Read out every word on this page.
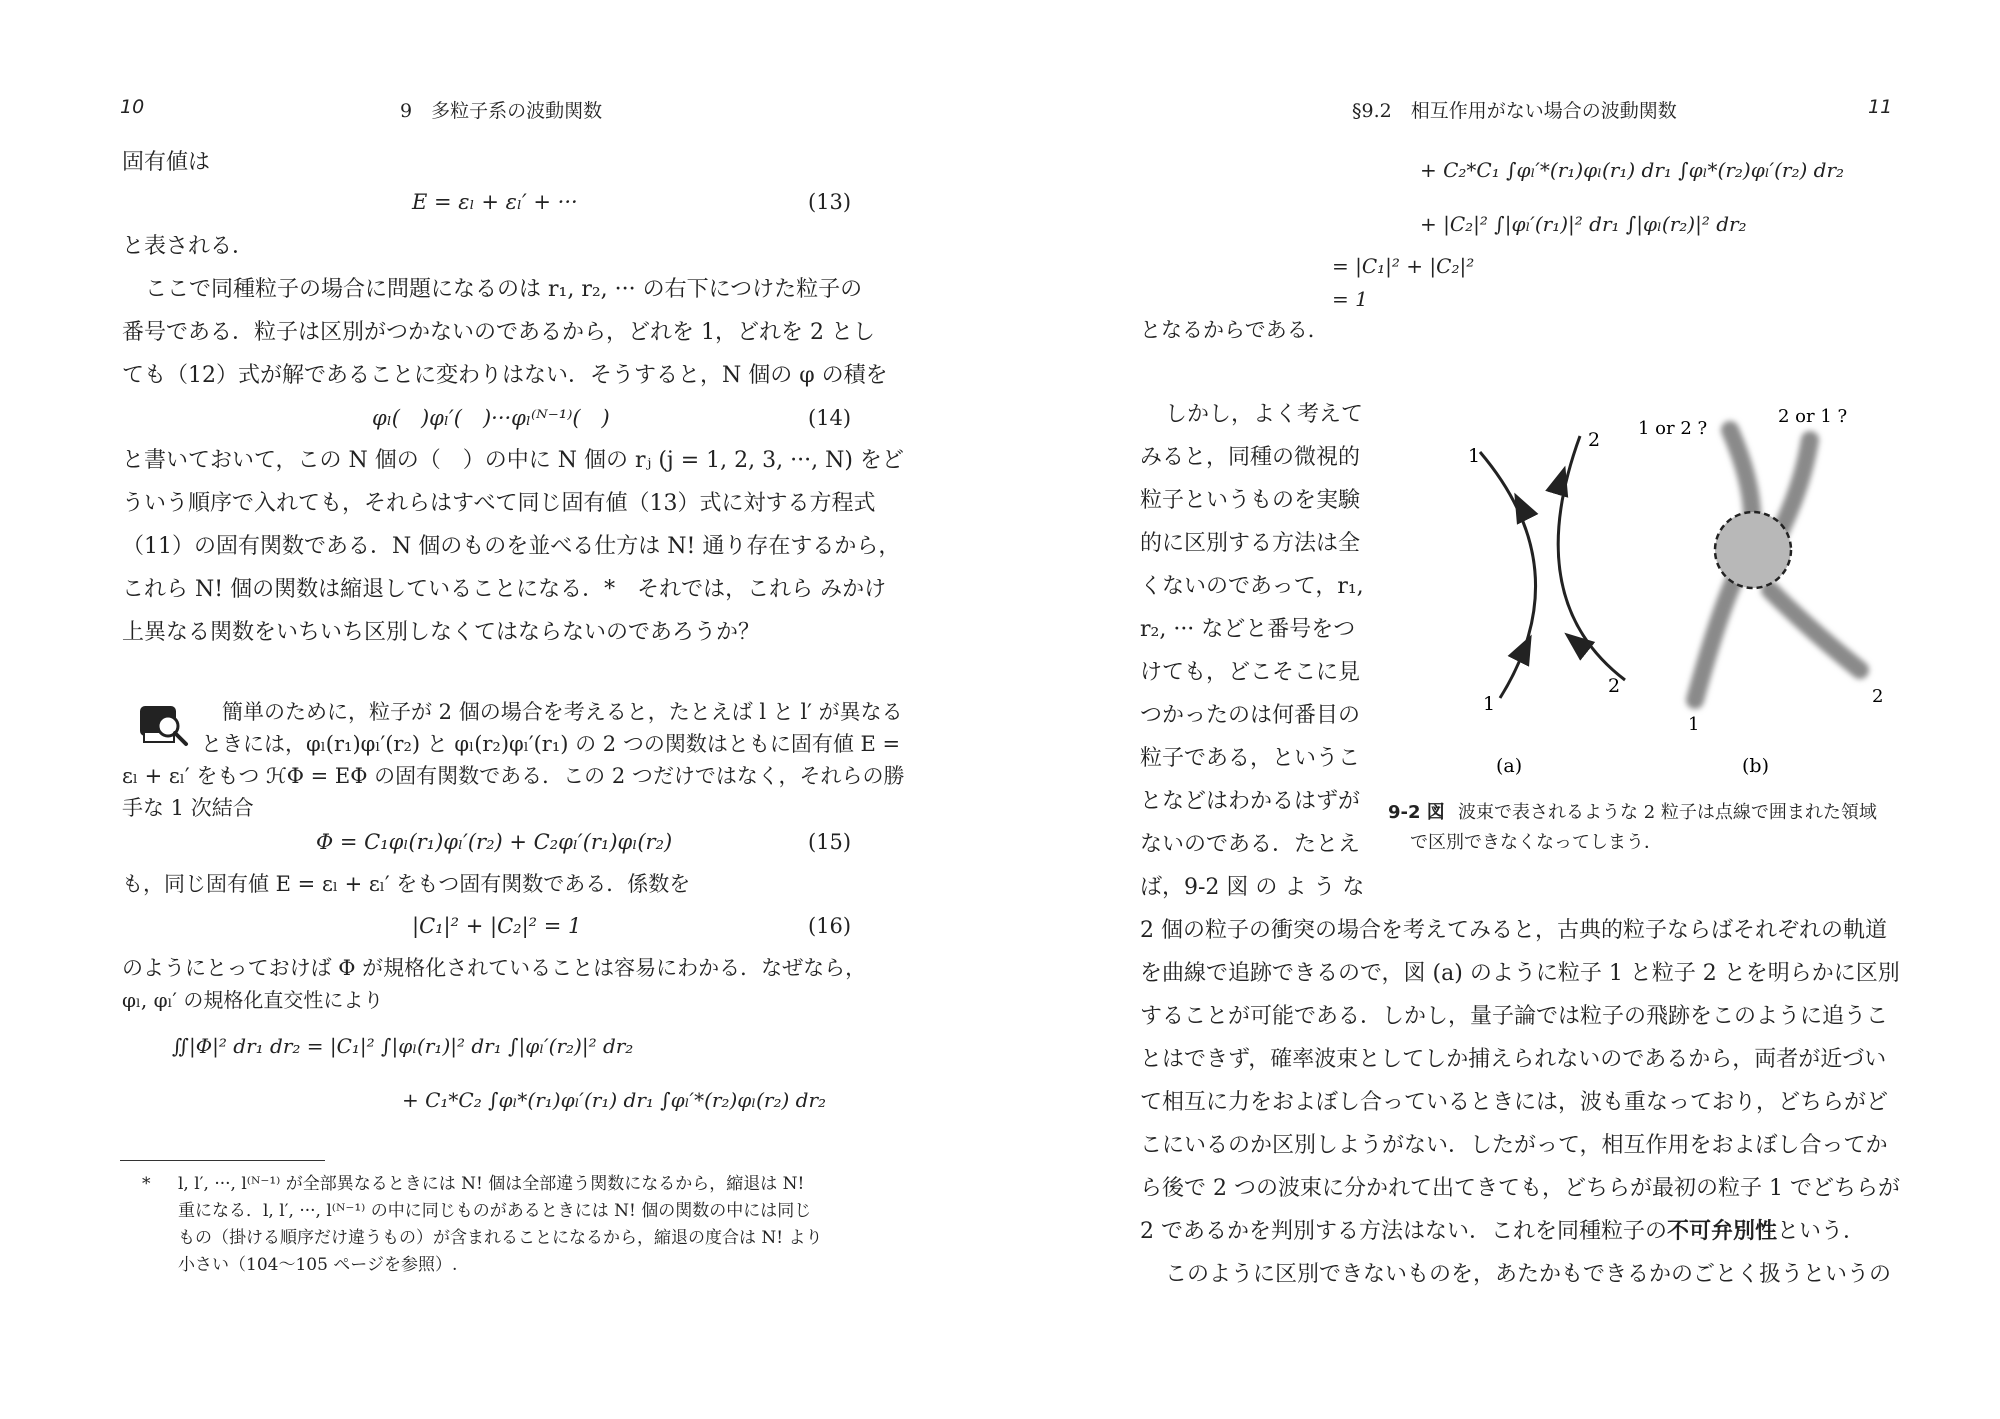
10	9　多粒子系の波動関数
固有値は
E = εₗ + εₗ′ + ···	(13)
と表される．
ここで同種粒子の場合に問題になるのは r₁, r₂, ··· の右下につけた粒子の
番号である．粒子は区別がつかないのであるから，どれを 1，どれを 2 とし
ても（12）式が解であることに変わりはない．そうすると，N 個の φ の積を
φₗ(　)φₗ′(　)···φₗ⁽ᴺ⁻¹⁾(　)	(14)
と書いておいて，この N 個の（　）の中に N 個の rⱼ (j = 1, 2, 3, ···, N) をど
ういう順序で入れても，それらはすべて同じ固有値（13）式に対する方程式
（11）の固有関数である．N 個のものを並べる仕方は N! 通り存在するから，
これら N! 個の関数は縮退していることになる．*　それでは，これら みかけ
上異なる関数をいちいち区別しなくてはならないのであろうか？
簡単のために，粒子が 2 個の場合を考えると，たとえば l と l′ が異なる
ときには，φₗ(r₁)φₗ′(r₂) と φₗ(r₂)φₗ′(r₁) の 2 つの関数はともに固有値 E =
εₗ + εₗ′ をもつ ℋΦ = EΦ の固有関数である．この 2 つだけではなく，それらの勝
手な 1 次結合
Φ = C₁φₗ(r₁)φₗ′(r₂) + C₂φₗ′(r₁)φₗ(r₂)	(15)
も，同じ固有値 E = εₗ + εₗ′ をもつ固有関数である．係数を
|C₁|² + |C₂|² = 1	(16)
のようにとっておけば Φ が規格化されていることは容易にわかる．なぜなら，
φₗ, φₗ′ の規格化直交性により
∬|Φ|² dr₁ dr₂ = |C₁|² ∫|φₗ(r₁)|² dr₁ ∫|φₗ′(r₂)|² dr₂
+ C₁*C₂ ∫φₗ*(r₁)φₗ′(r₁) dr₁ ∫φₗ′*(r₂)φₗ(r₂) dr₂
* l, l′, ···, l⁽ᴺ⁻¹⁾ が全部異なるときには N! 個は全部違う関数になるから，縮退は N!
重になる．l, l′, ···, l⁽ᴺ⁻¹⁾ の中に同じものがあるときには N! 個の関数の中には同じ
もの（掛ける順序だけ違うもの）が含まれることになるから，縮退の度合は N! より
小さい（104～105 ページを参照）.
§9.2　相互作用がない場合の波動関数	11
+ C₂*C₁ ∫φₗ′*(r₁)φₗ(r₁) dr₁ ∫φₗ*(r₂)φₗ′(r₂) dr₂
+ |C₂|² ∫|φₗ′(r₁)|² dr₁ ∫|φₗ(r₂)|² dr₂
= |C₁|² + |C₂|²
= 1
となるからである．
しかし，よく考えて
みると，同種の微視的
粒子というものを実験
的に区別する方法は全
くないのであって，r₁,
r₂, ··· などと番号をつ
けても，どこそこに見
つかったのは何番目の
粒子である，というこ
となどはわかるはずが
ないのである．たとえ
ば，9-2 図 の よ う な
1
2
1
2
1 or 2 ?
2 or 1 ?
1
2
(a)	(b)
9-2 図 波束で表されるような 2 粒子は点線で囲まれた領域
で区別できなくなってしまう．
2 個の粒子の衝突の場合を考えてみると，古典的粒子ならばそれぞれの軌道
を曲線で追跡できるので，図 (a) のように粒子 1 と粒子 2 とを明らかに区別
することが可能である．しかし，量子論では粒子の飛跡をこのように追うこ
とはできず，確率波束としてしか捕えられないのであるから，両者が近づい
て相互に力をおよぼし合っているときには，波も重なっており，どちらがど
こにいるのか区別しようがない．したがって，相互作用をおよぼし合ってか
ら後で 2 つの波束に分かれて出てきても，どちらが最初の粒子 1 でどちらが
2 であるかを判別する方法はない．これを同種粒子の不可弁別性という．
このように区別できないものを，あたかもできるかのごとく扱うというの
